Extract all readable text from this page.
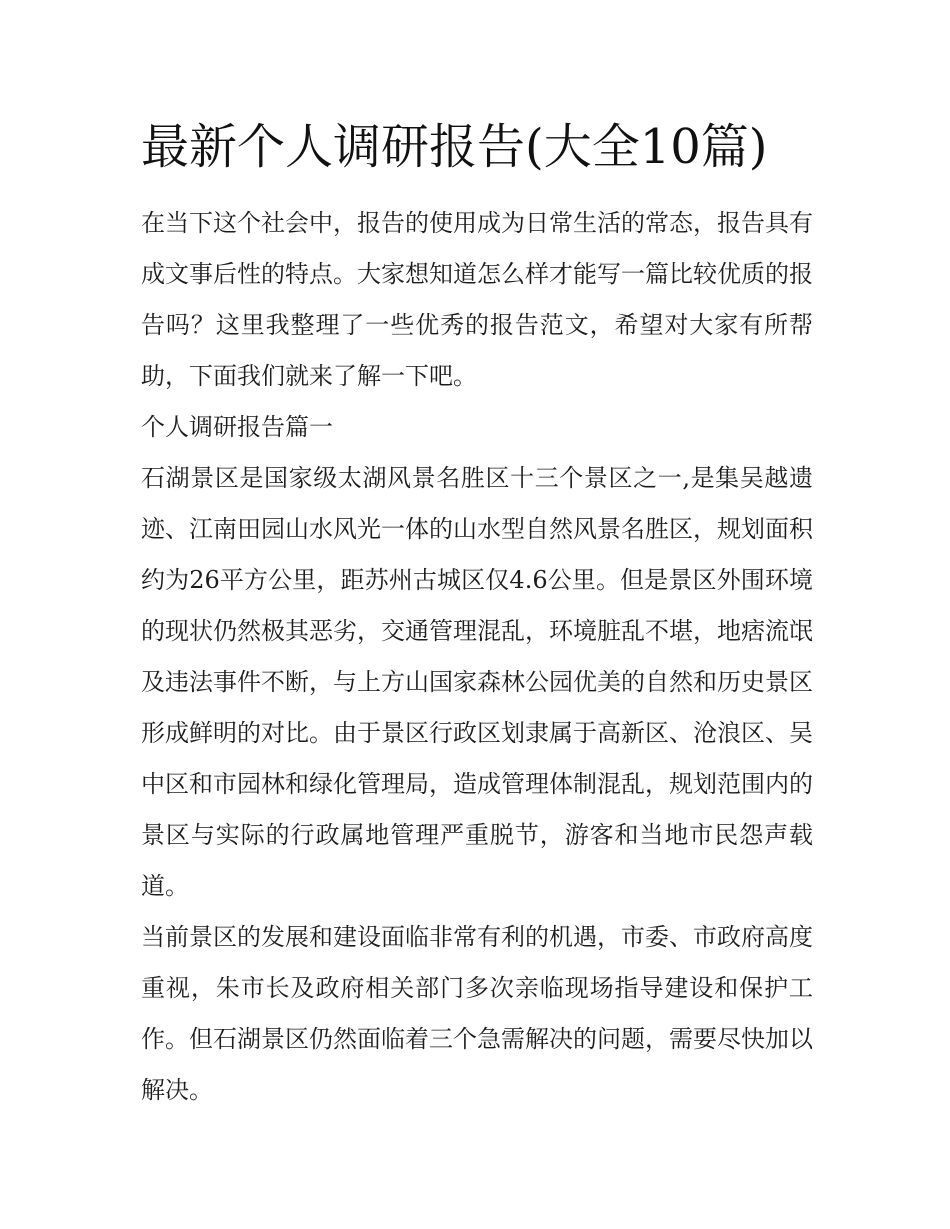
最新个人调研报告(大全10篇)

在当下这个社会中，报告的使用成为日常生活的常态，报告具有成文事后性的特点。大家想知道怎么样才能写一篇比较优质的报告吗？这里我整理了一些优秀的报告范文，希望对大家有所帮助，下面我们就来了解一下吧。

个人调研报告篇一

石湖景区是国家级太湖风景名胜区十三个景区之一,是集吴越遗迹、江南田园山水风光一体的山水型自然风景名胜区，规划面积约为26平方公里，距苏州古城区仅4.6公里。但是景区外围环境的现状仍然极其恶劣，交通管理混乱，环境脏乱不堪，地痞流氓及违法事件不断，与上方山国家森林公园优美的自然和历史景区形成鲜明的对比。由于景区行政区划隶属于高新区、沧浪区、吴中区和市园林和绿化管理局，造成管理体制混乱，规划范围内的景区与实际的行政属地管理严重脱节，游客和当地市民怨声载道。

当前景区的发展和建设面临非常有利的机遇，市委、市政府高度重视，朱市长及政府相关部门多次亲临现场指导建设和保护工作。但石湖景区仍然面临着三个急需解决的问题，需要尽快加以解决。
